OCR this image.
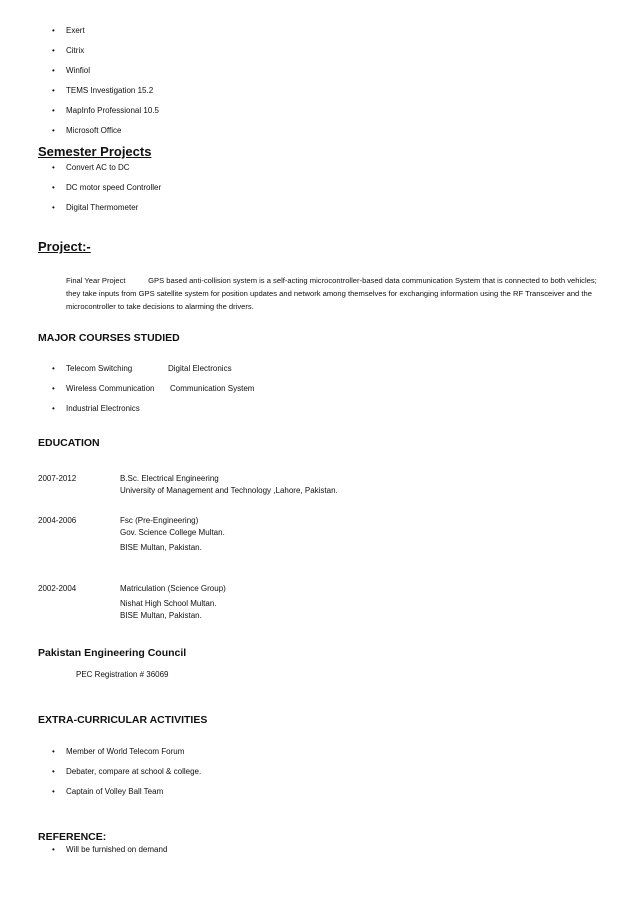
• Exert
• Citrix
• Winfiol
• TEMS Investigation 15.2
• MapInfo Professional 10.5
• Microsoft Office
Semester Projects
• Convert AC to DC
• DC motor speed Controller
• Digital Thermometer
Project:-
Final Year Project	GPS based anti-collision system is a self-acting microcontroller-based data communication System that is connected to both vehicles; they take inputs from GPS satellite system for position updates and network among themselves for exchanging information using the RF Transceiver and the microcontroller to take decisions to alarming the drivers.
MAJOR COURSES STUDIED
• Telecom Switching	Digital Electronics
• Wireless Communication Communication System
• Industrial Electronics
EDUCATION
2007-2012	B.Sc. Electrical Engineering
University of Management and Technology ,Lahore, Pakistan.
2004-2006	Fsc (Pre-Engineering)
Gov. Science College Multan.
BISE Multan, Pakistan.
2002-2004	Matriculation (Science Group)
Nishat High School Multan.
BISE Multan, Pakistan.
Pakistan Engineering Council
PEC Registration # 36069
EXTRA-CURRICULAR ACTIVITIES
• Member of World Telecom Forum
• Debater, compare at school & college.
• Captain of Volley Ball Team
REFERENCE:
• Will be furnished on demand
